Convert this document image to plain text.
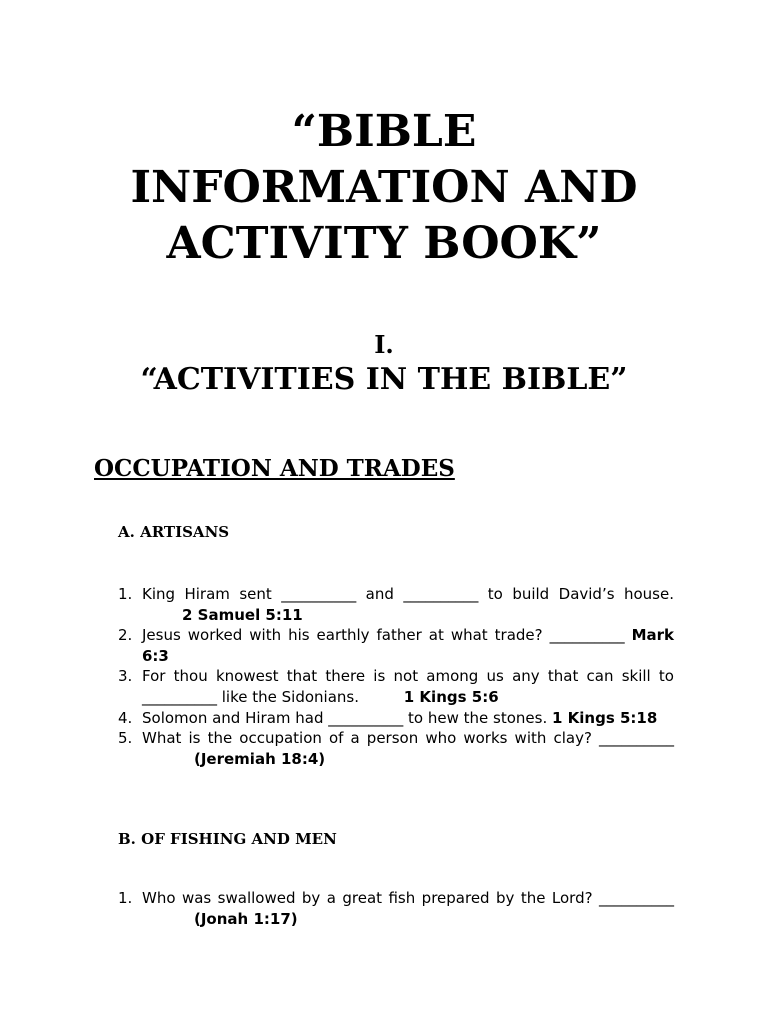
“BIBLE
INFORMATION AND
ACTIVITY BOOK”

I.

“ACTIVITIES IN THE BIBLE”
OCCUPATION AND TRADES
A. ARTISANS
1. King Hiram sent __________ and __________ to build David’s house. 2 Samuel 5:11
2. Jesus worked with his earthly father at what trade? __________ Mark 6:3
3. For thou knowest that there is not among us any that can skill to __________ like the Sidonians.	1 Kings 5:6
4. Solomon and Hiram had __________ to hew the stones. 1 Kings 5:18
5. What is the occupation of a person who works with clay? __________ (Jeremiah 18:4)
B. OF FISHING AND MEN
1. Who was swallowed by a great fish prepared by the Lord? __________ (Jonah 1:17)
